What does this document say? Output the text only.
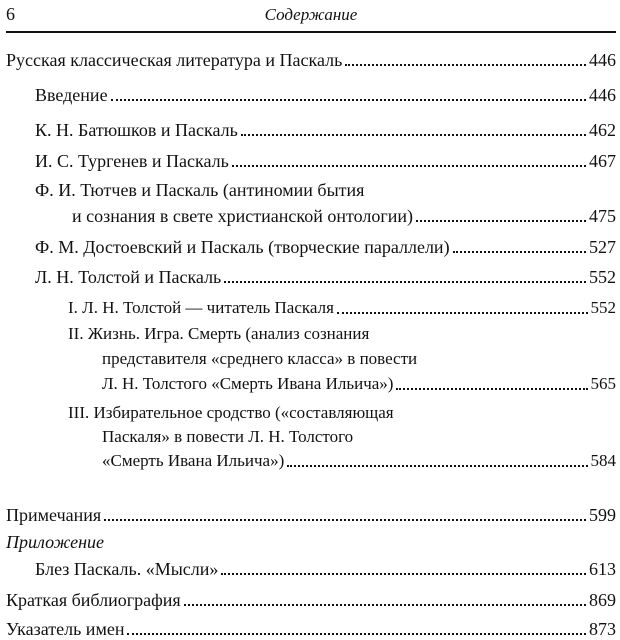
6	Содержание
Русская классическая литература и Паскаль	446
Введение	446
К. Н. Батюшков и Паскаль	462
И. С. Тургенев и Паскаль	467
Ф. И. Тютчев и Паскаль (антиномии бытия
и сознания в свете христианской онтологии)	475
Ф. М. Достоевский и Паскаль (творческие параллели)	527
Л. Н. Толстой и Паскаль	552
I. Л. Н. Толстой — читатель Паскаля	552
II. Жизнь. Игра. Смерть (анализ сознания
представителя «среднего класса» в повести
Л. Н. Толстого «Смерть Ивана Ильича»)	565
III. Избирательное сродство («составляющая
Паскаля» в повести Л. Н. Толстого
«Смерть Ивана Ильича»)	584
Примечания	599
Приложение
Блез Паскаль. «Мысли»	613
Краткая библиография	869
Указатель имен	873
